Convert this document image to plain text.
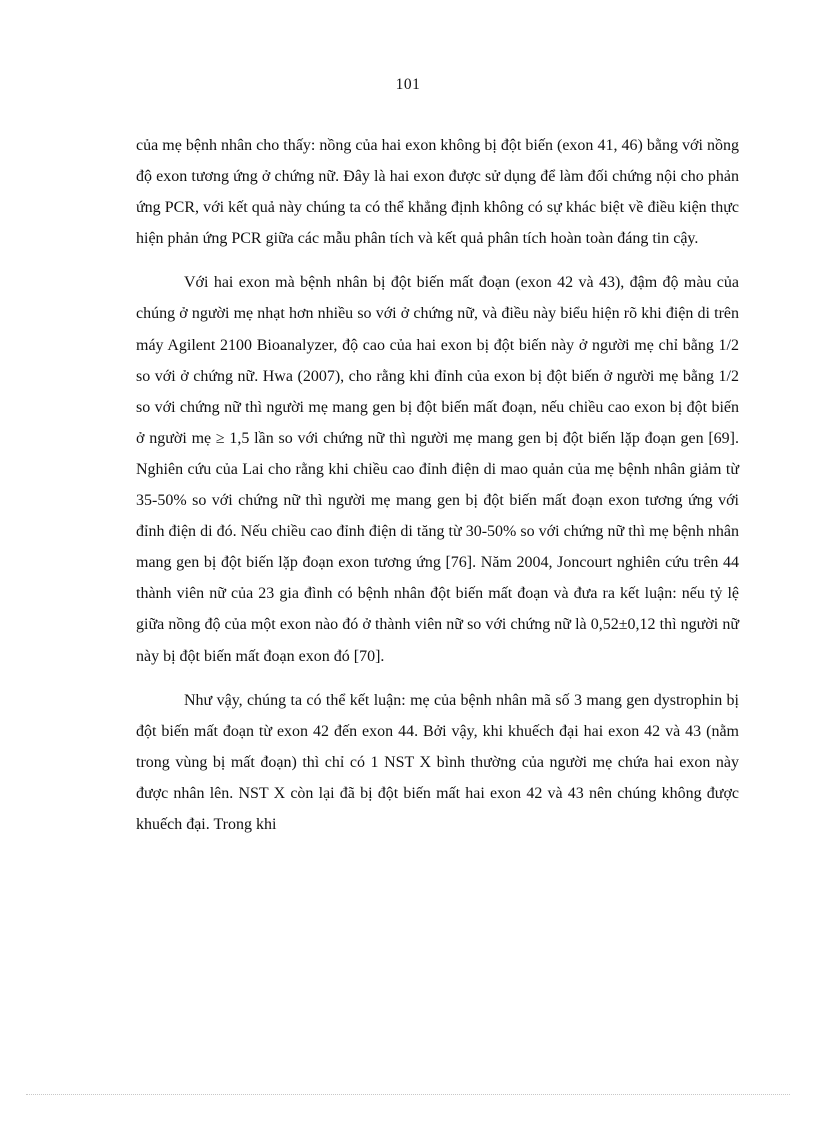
101

của mẹ bệnh nhân cho thấy: nồng của hai exon không bị đột biến (exon 41, 46) bằng với nồng độ exon tương ứng ở chứng nữ. Đây là hai exon được sử dụng để làm đối chứng nội cho phản ứng PCR, với kết quả này chúng ta có thể khẳng định không có sự khác biệt về điều kiện thực hiện phản ứng PCR giữa các mẫu phân tích và kết quả phân tích hoàn toàn đáng tin cậy.

Với hai exon mà bệnh nhân bị đột biến mất đoạn (exon 42 và 43), đậm độ màu của chúng ở người mẹ nhạt hơn nhiều so với ở chứng nữ, và điều này biểu hiện rõ khi điện di trên máy Agilent 2100 Bioanalyzer, độ cao của hai exon bị đột biến này ở người mẹ chỉ bằng 1/2 so với ở chứng nữ. Hwa (2007), cho rằng khi đỉnh của exon bị đột biến ở người mẹ bằng 1/2 so với chứng nữ thì người mẹ mang gen bị đột biến mất đoạn, nếu chiều cao exon bị đột biến ở người mẹ ≥ 1,5 lần so với chứng nữ thì người mẹ mang gen bị đột biến lặp đoạn gen [69]. Nghiên cứu của Lai cho rằng khi chiều cao đỉnh điện di mao quản của mẹ bệnh nhân giảm từ 35-50% so với chứng nữ thì người mẹ mang gen bị đột biến mất đoạn exon tương ứng với đỉnh điện di đó. Nếu chiều cao đỉnh điện di tăng từ 30-50% so với chứng nữ thì mẹ bệnh nhân mang gen bị đột biến lặp đoạn exon tương ứng [76]. Năm 2004, Joncourt nghiên cứu trên 44 thành viên nữ của 23 gia đình có bệnh nhân đột biến mất đoạn và đưa ra kết luận: nếu tỷ lệ giữa nồng độ của một exon nào đó ở thành viên nữ so với chứng nữ là 0,52±0,12 thì người nữ này bị đột biến mất đoạn exon đó [70].

Như vậy, chúng ta có thể kết luận: mẹ của bệnh nhân mã số 3 mang gen dystrophin bị đột biến mất đoạn từ exon 42 đến exon 44. Bởi vậy, khi khuếch đại hai exon 42 và 43 (nằm trong vùng bị mất đoạn) thì chỉ có 1 NST X bình thường của người mẹ chứa hai exon này được nhân lên. NST X còn lại đã bị đột biến mất hai exon 42 và 43 nên chúng không được khuếch đại. Trong khi
